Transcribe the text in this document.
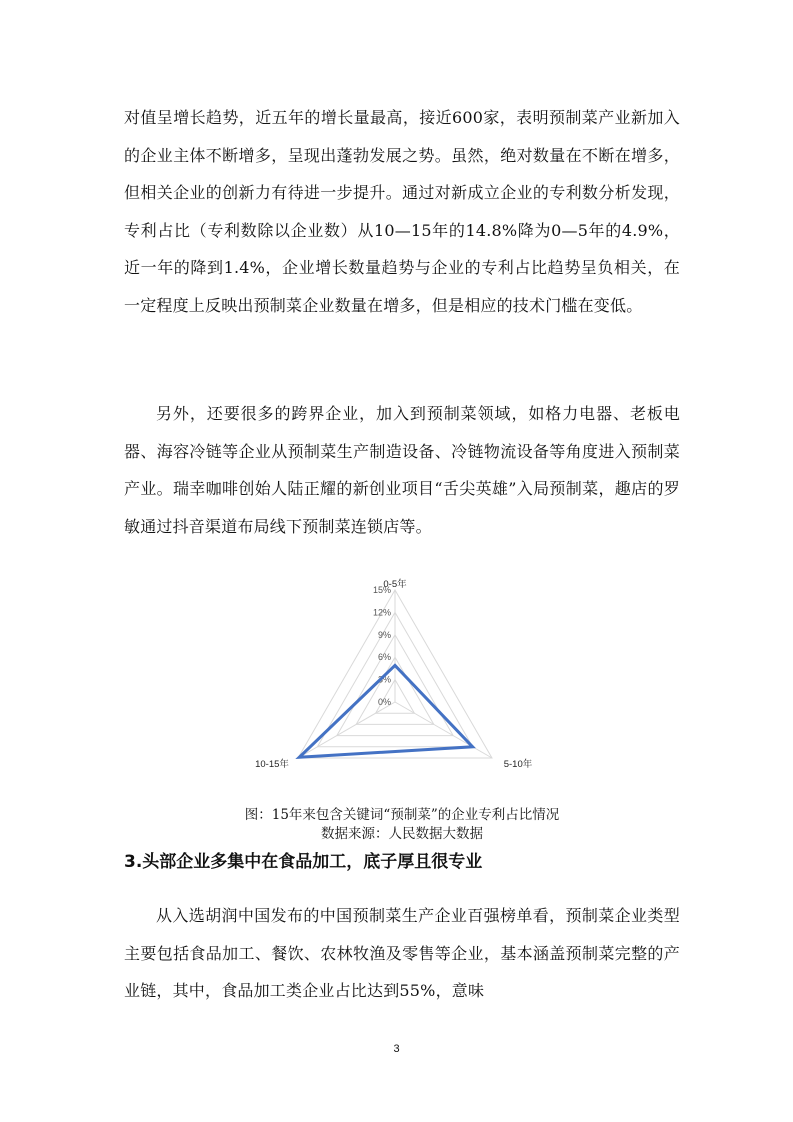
对值呈增长趋势，近五年的增长量最高，接近600家，表明预制菜产业新加入的企业主体不断增多，呈现出蓬勃发展之势。虽然，绝对数量在不断在增多，但相关企业的创新力有待进一步提升。通过对新成立企业的专利数分析发现，专利占比（专利数除以企业数）从10—15年的14.8%降为0—5年的4.9%，近一年的降到1.4%，企业增长数量趋势与企业的专利占比趋势呈负相关，在一定程度上反映出预制菜企业数量在增多，但是相应的技术门槛在变低。
另外，还要很多的跨界企业，加入到预制菜领域，如格力电器、老板电器、海容冷链等企业从预制菜生产制造设备、冷链物流设备等角度进入预制菜产业。瑞幸咖啡创始人陆正耀的新创业项目“舌尖英雄”入局预制菜，趣店的罗敏通过抖音渠道布局线下预制菜连锁店等。
0%
3%
6%
9%
12%
15%
0-5年
5-10年
10-15年
图：15年来包含关键词“预制菜”的企业专利占比情况
数据来源：人民数据大数据
3.头部企业多集中在食品加工，底子厚且很专业
从入选胡润中国发布的中国预制菜生产企业百强榜单看，预制菜企业类型主要包括食品加工、餐饮、农林牧渔及零售等企业，基本涵盖预制菜完整的产业链，其中，食品加工类企业占比达到55%，意味
3
